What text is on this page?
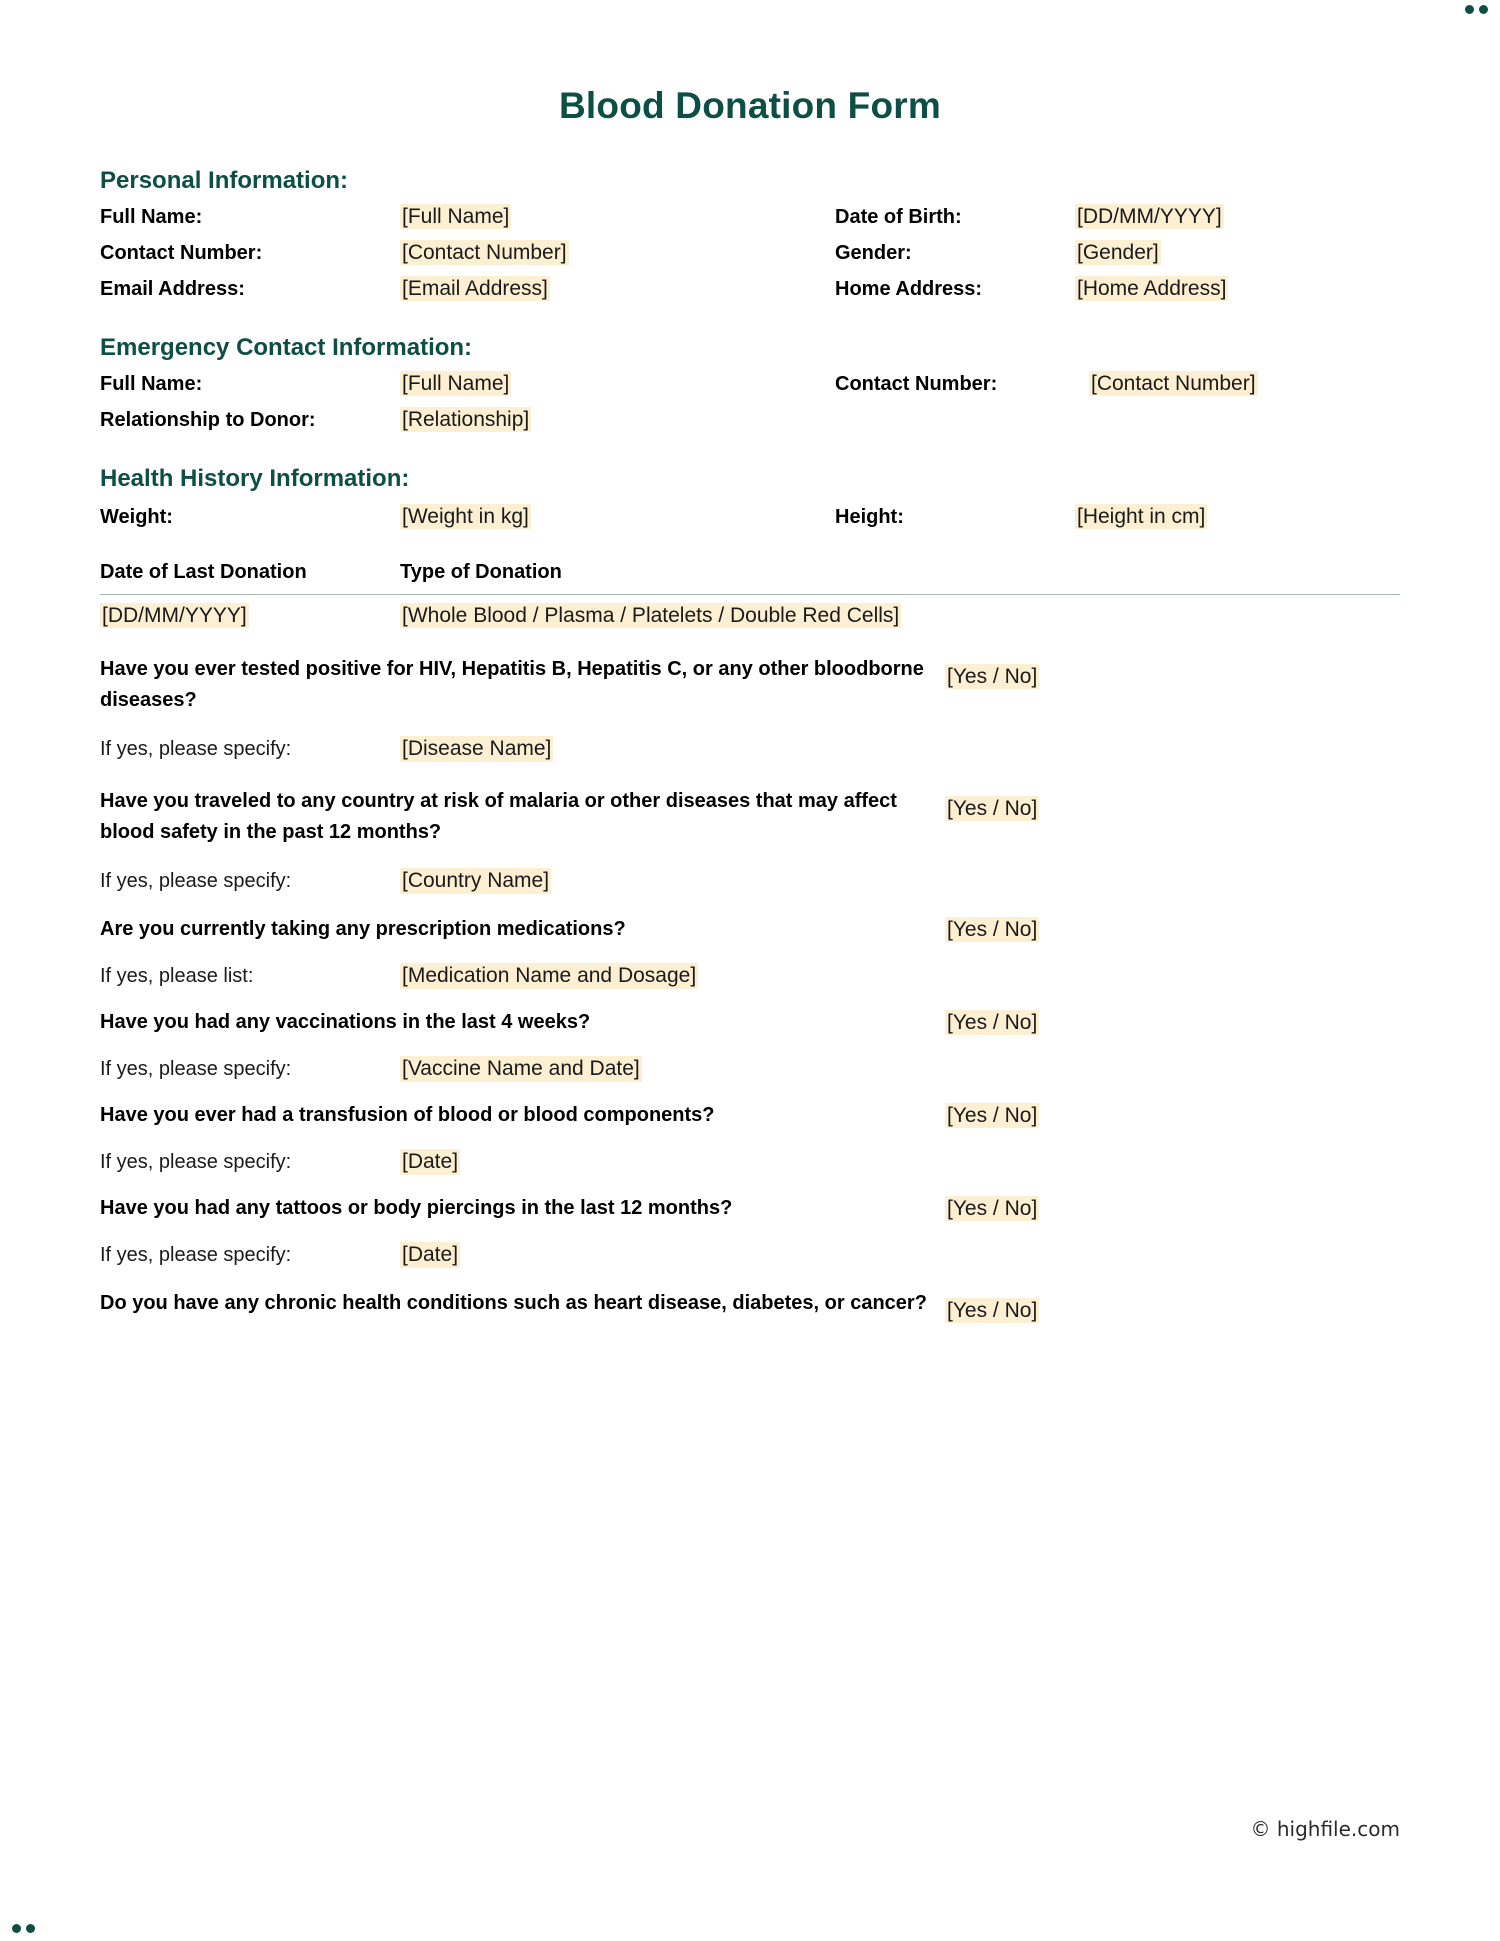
Blood Donation Form
Personal Information:
Full Name:	[Full Name]	Date of Birth:	[DD/MM/YYYY]
Contact Number:	[Contact Number]	Gender:	[Gender]
Email Address:	[Email Address]	Home Address:	[Home Address]
Emergency Contact Information:
Full Name:	[Full Name]	Contact Number:	[Contact Number]
Relationship to Donor:	[Relationship]
Health History Information:
Weight:	[Weight in kg]	Height:	[Height in cm]
Date of Last Donation	Type of Donation
[DD/MM/YYYY]	[Whole Blood / Plasma / Platelets / Double Red Cells]
Have you ever tested positive for HIV, Hepatitis B, Hepatitis C, or any other bloodborne diseases?
[Yes / No]
If yes, please specify:	[Disease Name]
Have you traveled to any country at risk of malaria or other diseases that may affect blood safety in the past 12 months?
[Yes / No]
If yes, please specify:	[Country Name]
Are you currently taking any prescription medications?	[Yes / No]
If yes, please list:	[Medication Name and Dosage]
Have you had any vaccinations in the last 4 weeks?	[Yes / No]
If yes, please specify:	[Vaccine Name and Date]
Have you ever had a transfusion of blood or blood components?	[Yes / No]
If yes, please specify:	[Date]
Have you had any tattoos or body piercings in the last 12 months?	[Yes / No]
If yes, please specify:	[Date]
Do you have any chronic health conditions such as heart disease, diabetes, or cancer? [Yes / No]
© highfile.com
